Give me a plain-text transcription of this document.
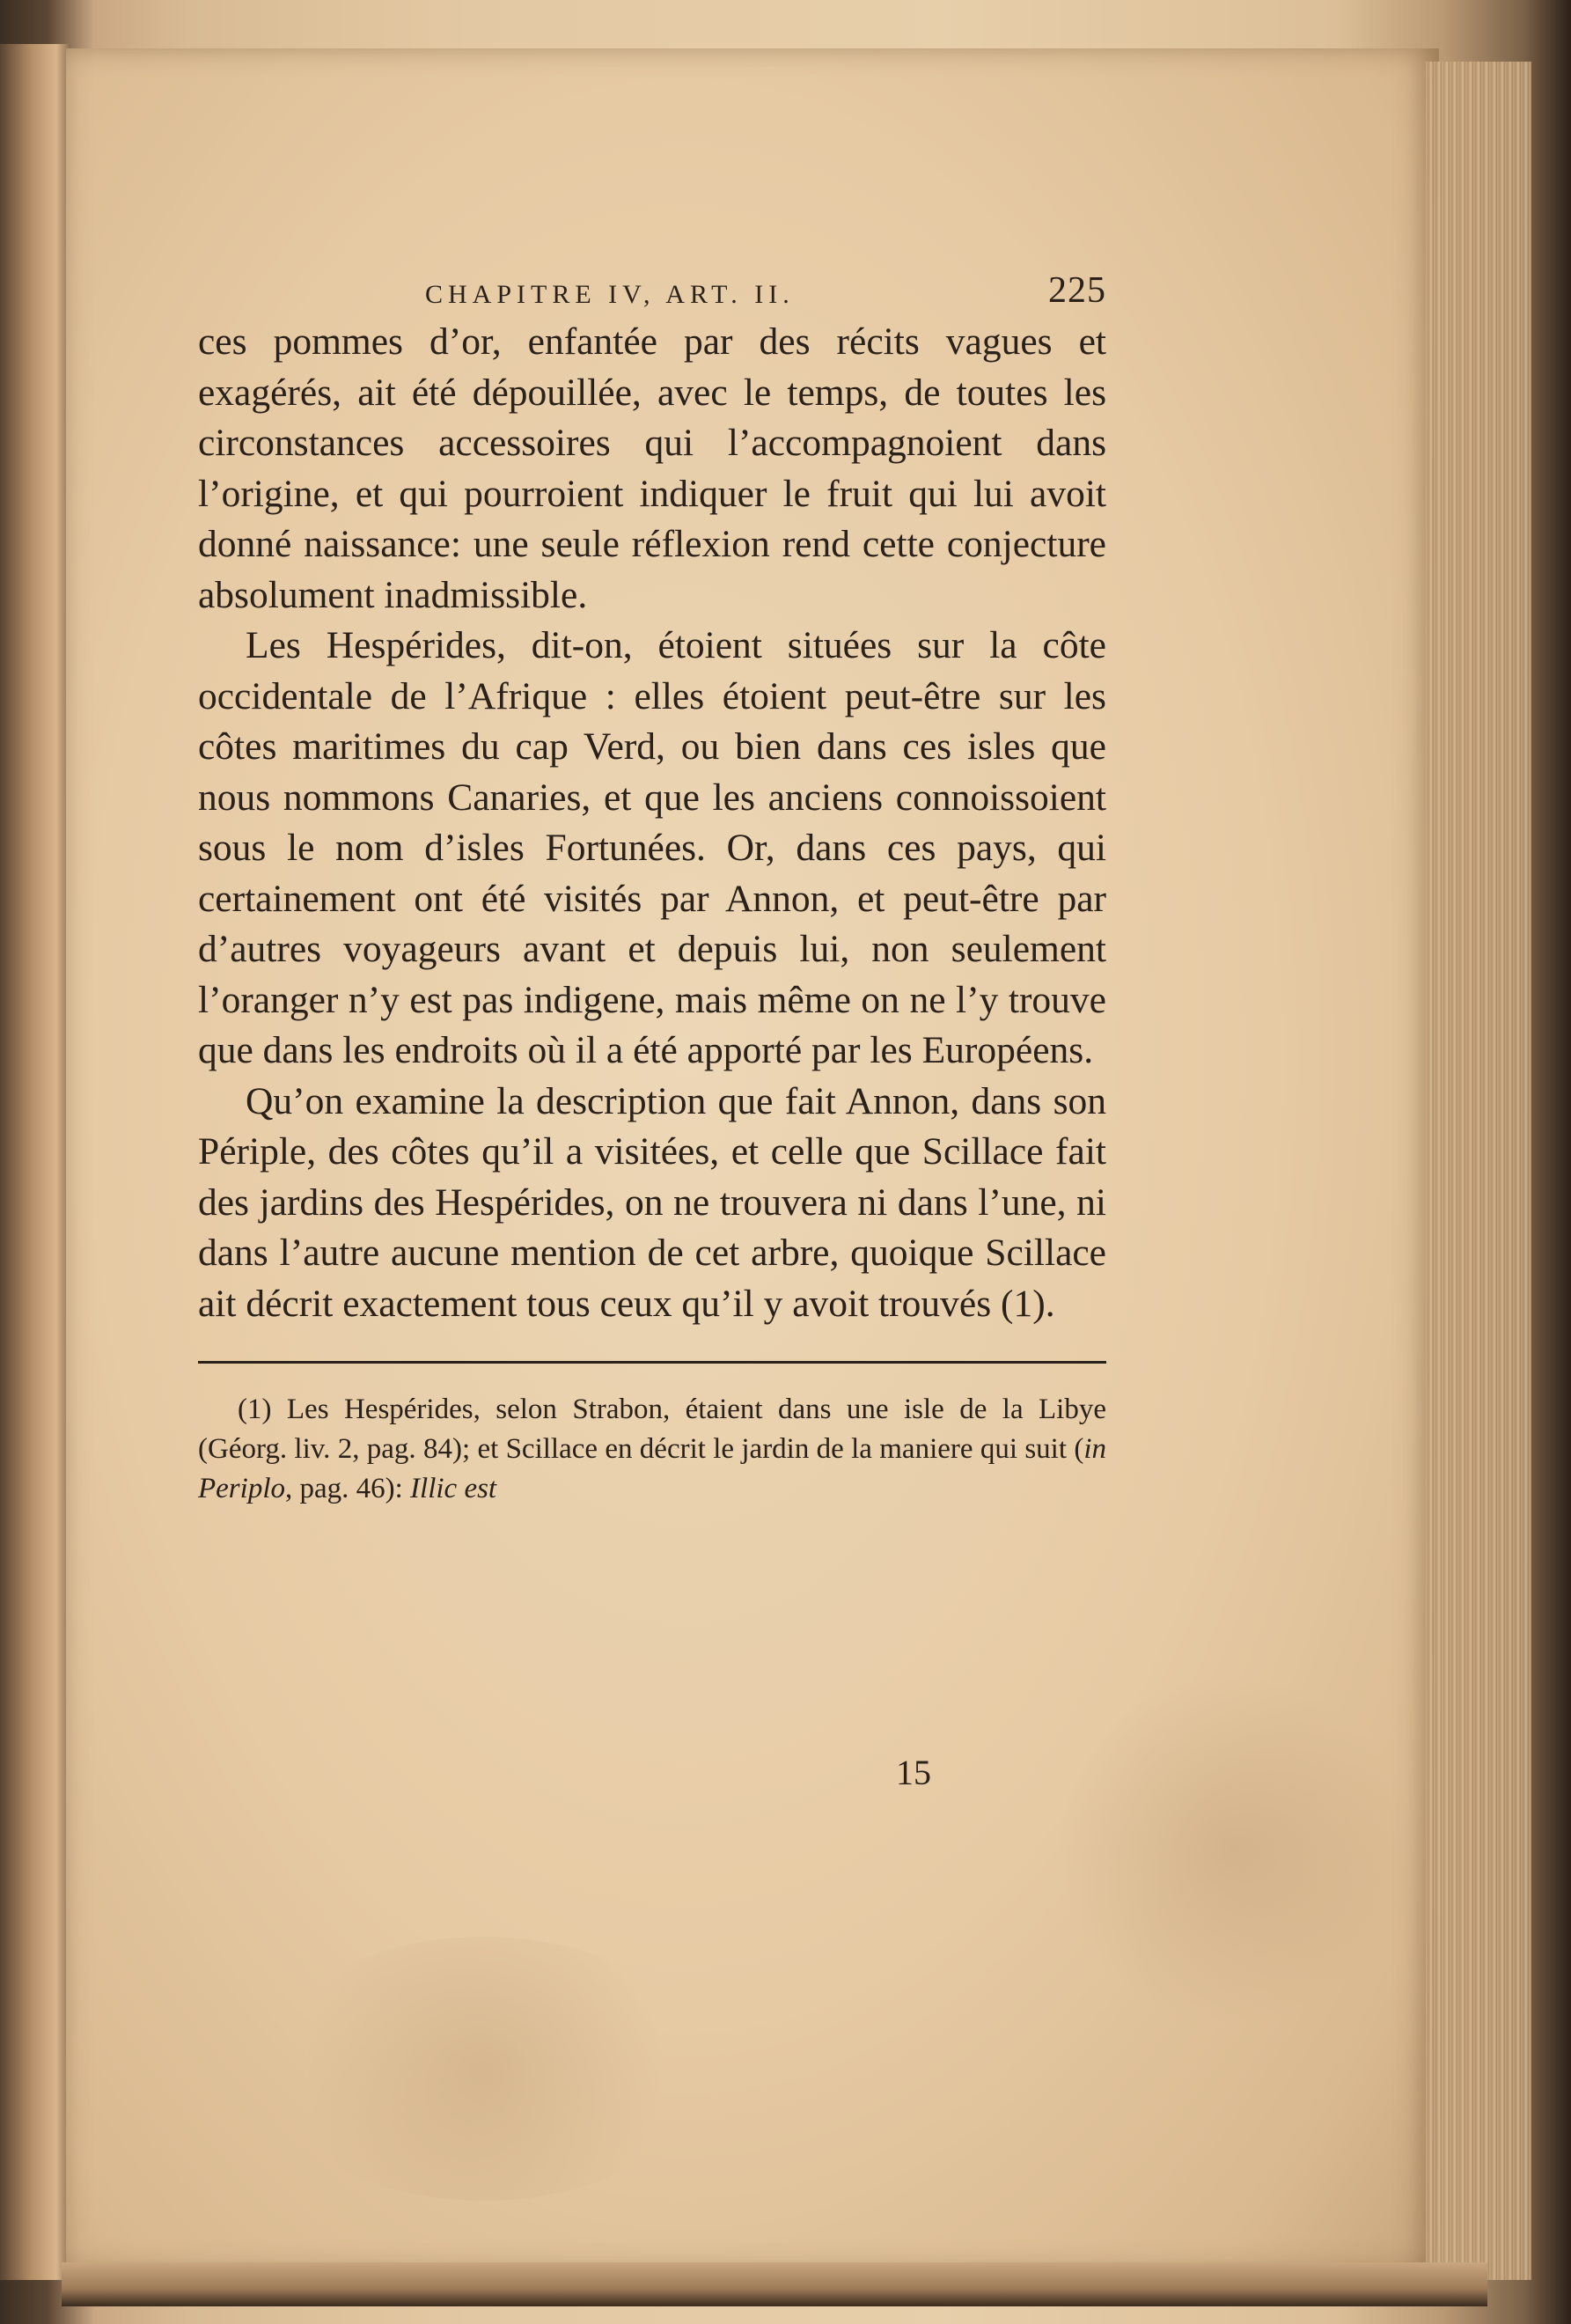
CHAPITRE IV, ART. II.	225

ces pommes d’or, enfantée par des récits vagues et exagérés, ait été dépouillée, avec le temps, de toutes les circonstances accessoires qui l’accompagnoient dans l’origine, et qui pourroient indiquer le fruit qui lui avoit donné naissance: une seule réflexion rend cette conjecture absolument inadmissible.

Les Hespérides, dit-on, étoient situées sur la côte occidentale de l’Afrique : elles étoient peut-être sur les côtes maritimes du cap Verd, ou bien dans ces isles que nous nommons Canaries, et que les anciens connoissoient sous le nom d’isles Fortunées. Or, dans ces pays, qui certainement ont été visités par Annon, et peut-être par d’autres voyageurs avant et depuis lui, non seulement l’oranger n’y est pas indigene, mais même on ne l’y trouve que dans les endroits où il a été apporté par les Européens.

Qu’on examine la description que fait Annon, dans son Périple, des côtes qu’il a visitées, et celle que Scillace fait des jardins des Hespérides, on ne trouvera ni dans l’une, ni dans l’autre aucune mention de cet arbre, quoique Scillace ait décrit exactement tous ceux qu’il y avoit trouvés (1).

(1) Les Hespérides, selon Strabon, étaient dans une isle de la Libye (Géorg. liv. 2, pag. 84); et Scillace en décrit le jardin de la maniere qui suit (in Periplo, pag. 46): Illic est

15
